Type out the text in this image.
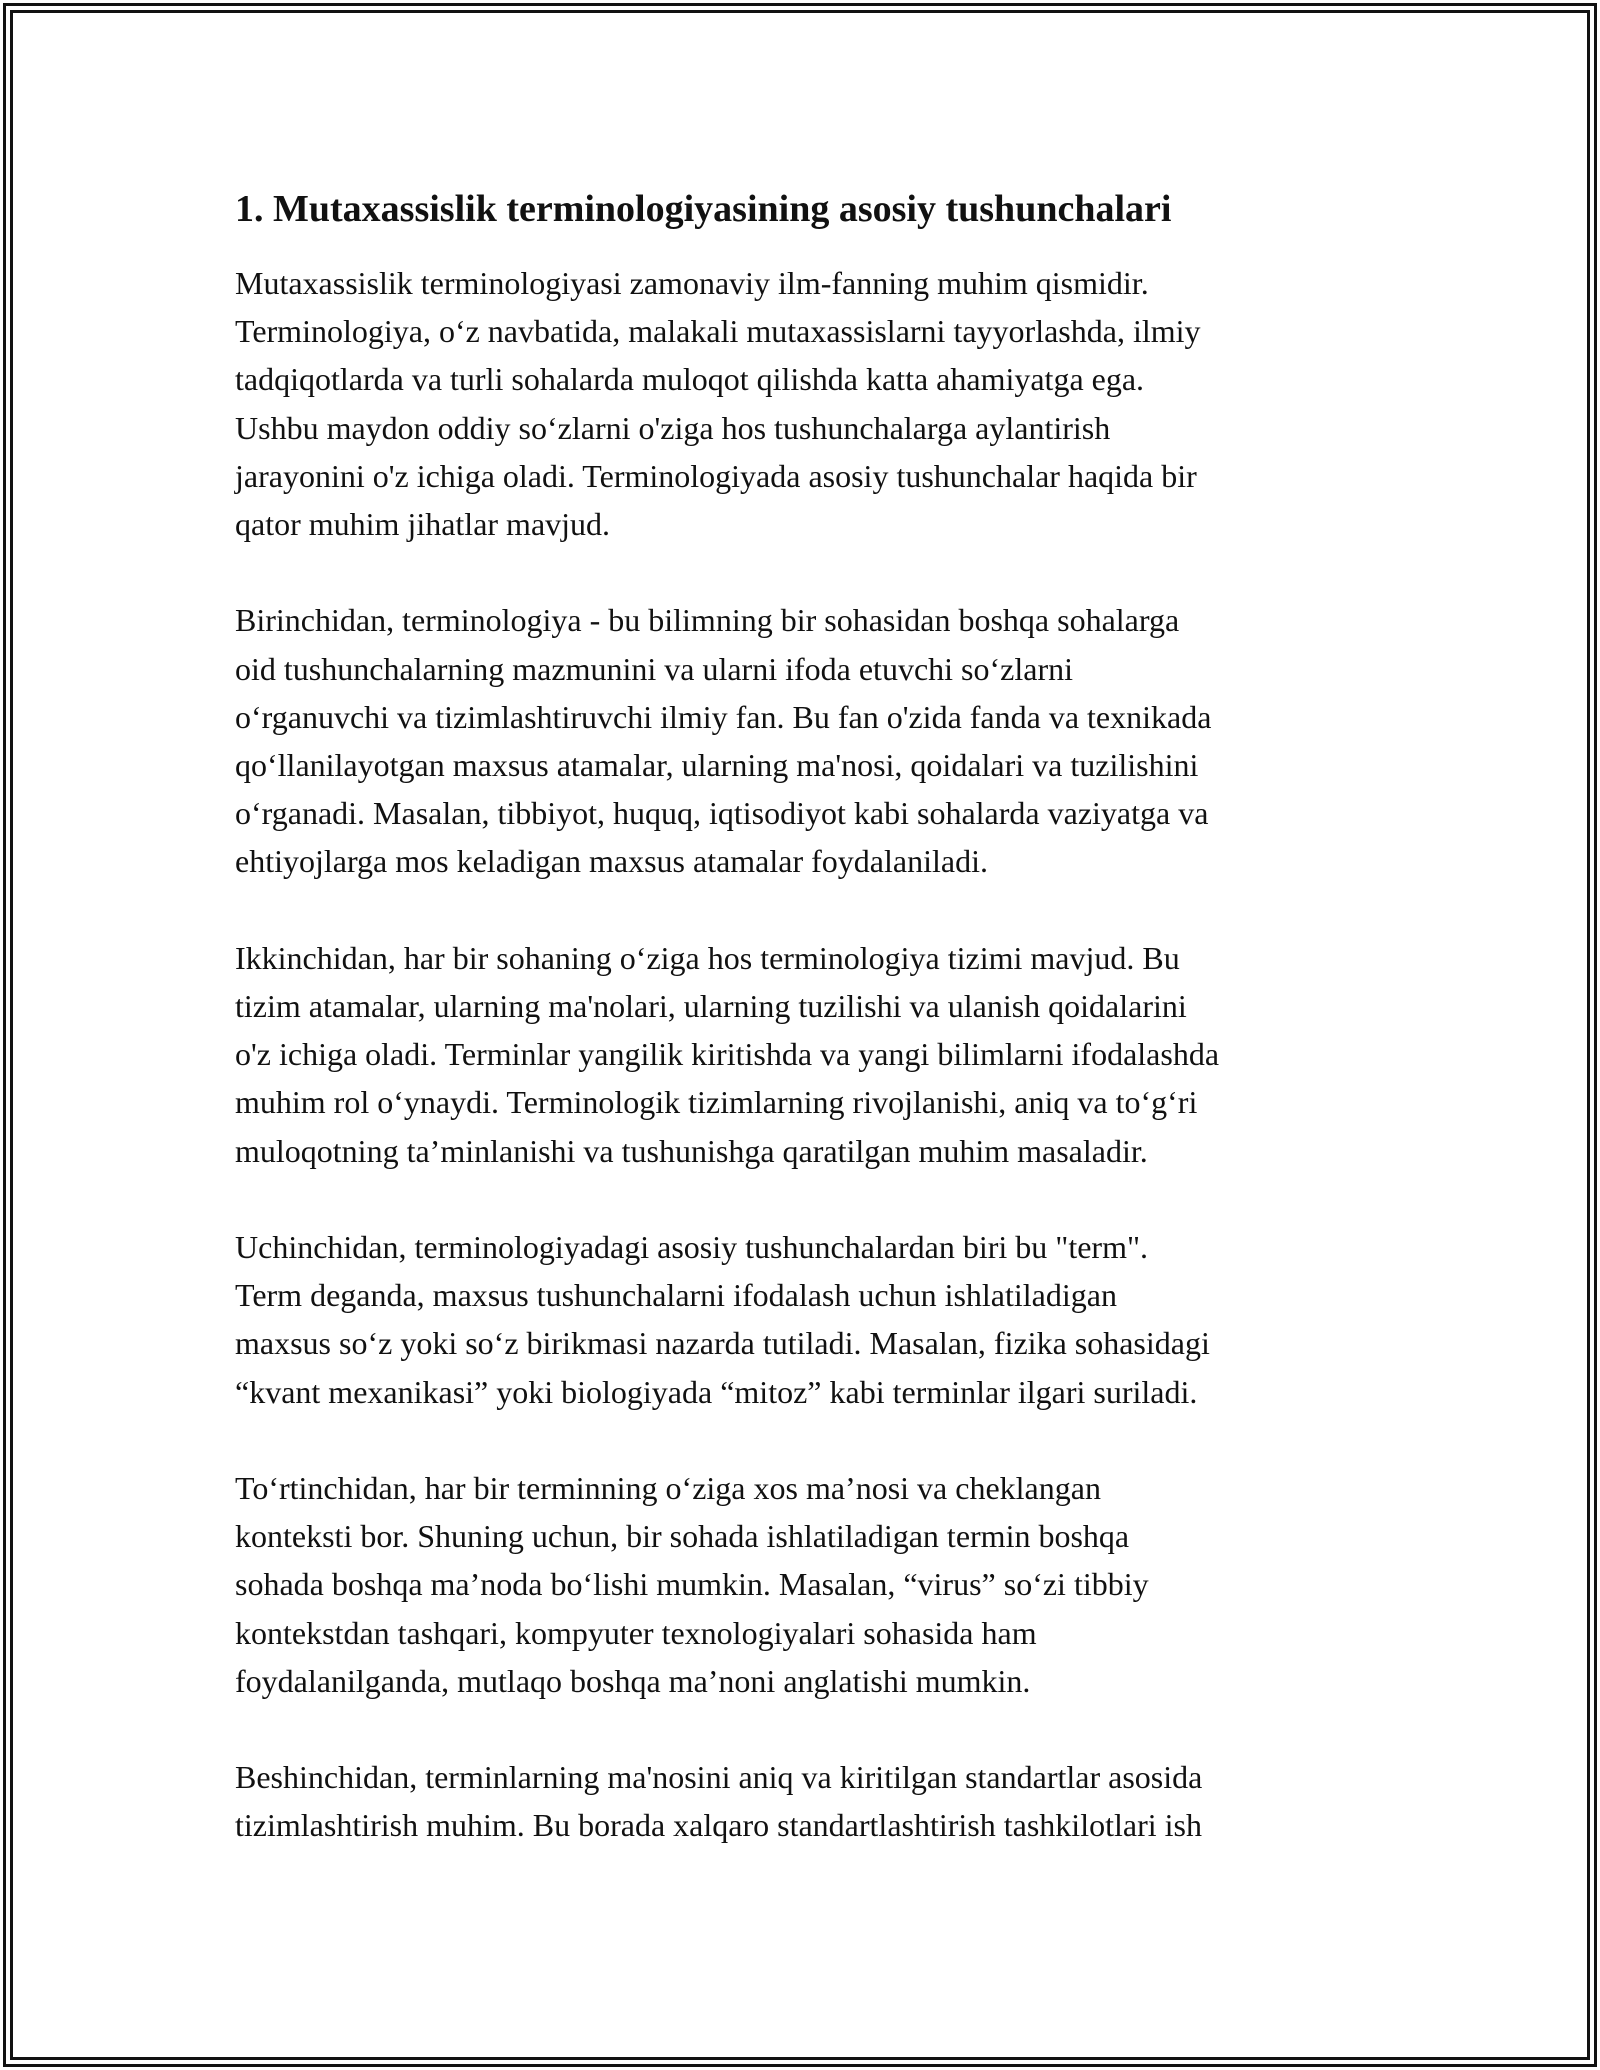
1. Mutaxassislik terminologiyasining asosiy tushunchalari

Mutaxassislik terminologiyasi zamonaviy ilm-fanning muhim qismidir.
Terminologiya, o‘z navbatida, malakali mutaxassislarni tayyorlashda, ilmiy
tadqiqotlarda va turli sohalarda muloqot qilishda katta ahamiyatga ega.
Ushbu maydon oddiy so‘zlarni o'ziga hos tushunchalarga aylantirish
jarayonini o'z ichiga oladi. Terminologiyada asosiy tushunchalar haqida bir
qator muhim jihatlar mavjud.

Birinchidan, terminologiya - bu bilimning bir sohasidan boshqa sohalarga
oid tushunchalarning mazmunini va ularni ifoda etuvchi so‘zlarni
o‘rganuvchi va tizimlashtiruvchi ilmiy fan. Bu fan o'zida fanda va texnikada
qo‘llanilayotgan maxsus atamalar, ularning ma'nosi, qoidalari va tuzilishini
o‘rganadi. Masalan, tibbiyot, huquq, iqtisodiyot kabi sohalarda vaziyatga va
ehtiyojlarga mos keladigan maxsus atamalar foydalaniladi.

Ikkinchidan, har bir sohaning o‘ziga hos terminologiya tizimi mavjud. Bu
tizim atamalar, ularning ma'nolari, ularning tuzilishi va ulanish qoidalarini
o'z ichiga oladi. Terminlar yangilik kiritishda va yangi bilimlarni ifodalashda
muhim rol o‘ynaydi. Terminologik tizimlarning rivojlanishi, aniq va to‘g‘ri
muloqotning ta’minlanishi va tushunishga qaratilgan muhim masaladir.

Uchinchidan, terminologiyadagi asosiy tushunchalardan biri bu "term".
Term deganda, maxsus tushunchalarni ifodalash uchun ishlatiladigan
maxsus so‘z yoki so‘z birikmasi nazarda tutiladi. Masalan, fizika sohasidagi
“kvant mexanikasi” yoki biologiyada “mitoz” kabi terminlar ilgari suriladi.

To‘rtinchidan, har bir terminning o‘ziga xos ma’nosi va cheklangan
konteksti bor. Shuning uchun, bir sohada ishlatiladigan termin boshqa
sohada boshqa ma’noda bo‘lishi mumkin. Masalan, “virus” so‘zi tibbiy
kontekstdan tashqari, kompyuter texnologiyalari sohasida ham
foydalanilganda, mutlaqo boshqa ma’noni anglatishi mumkin.

Beshinchidan, terminlarning ma'nosini aniq va kiritilgan standartlar asosida
tizimlashtirish muhim. Bu borada xalqaro standartlashtirish tashkilotlari ish
